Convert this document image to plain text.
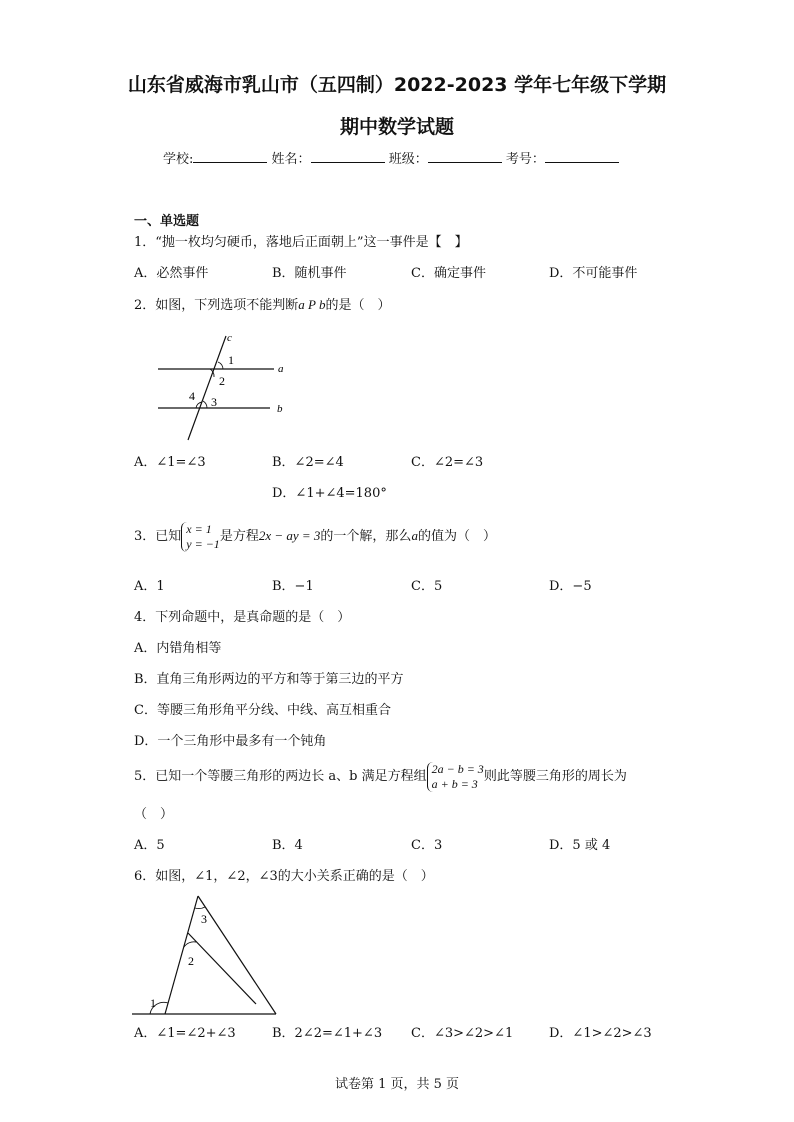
山东省威海市乳山市（五四制）2022-2023 学年七年级下学期
期中数学试题
学校:	姓名：	班级：	考号：
一、单选题
1．“抛一枚均匀硬币，落地后正面朝上”这一事件是【　】
A．必然事件	B．随机事件	C．确定事件	D．不可能事件
2．如图，下列选项不能判断a P b的是（　）
c
a
b
1
2
3
4
A．∠1=∠3	B．∠2=∠4	C．∠2=∠3
D．∠1+∠4=180°
3．已知x = 1
y = −1是方程2x − ay = 3的一个解，那么a的值为（　）
A．1	B．−1	C．5	D．−5
4．下列命题中，是真命题的是（　）
A．内错角相等
B．直角三角形两边的平方和等于第三边的平方
C．等腰三角形角平分线、中线、高互相重合
D．一个三角形中最多有一个钝角
5．已知一个等腰三角形的两边长 a、b 满足方程组2a − b = 3
a + b = 3 则此等腰三角形的周长为
（　）
A．5	B．4	C．3	D．5 或 4
6．如图，∠1，∠2，∠3的大小关系正确的是（　）
1
2
3
A．∠1=∠2+∠3	B．2∠2=∠1+∠3 C．∠3>∠2>∠1	D．∠1>∠2>∠3
试卷第 1 页，共 5 页
